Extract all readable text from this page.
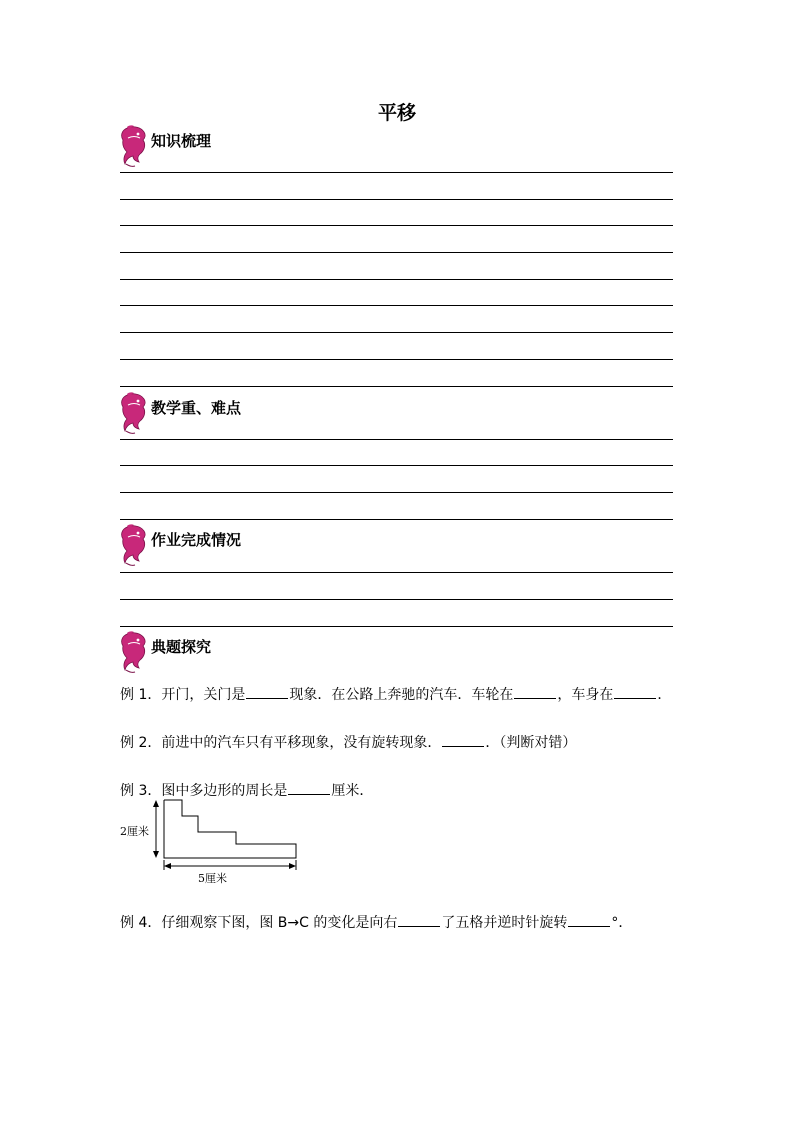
平移
知识梳理
教学重、难点
作业完成情况
典题探究
例 1．开门，关门是	现象．在公路上奔驰的汽车．车轮在	，车身在	．
例 2．前进中的汽车只有平移现象，没有旋转现象．	．（判断对错）
例 3．图中多边形的周长是	厘米．
2厘米
5厘米
例 4．仔细观察下图，图 B→C 的变化是向右	了五格并逆时针旋转	°．
